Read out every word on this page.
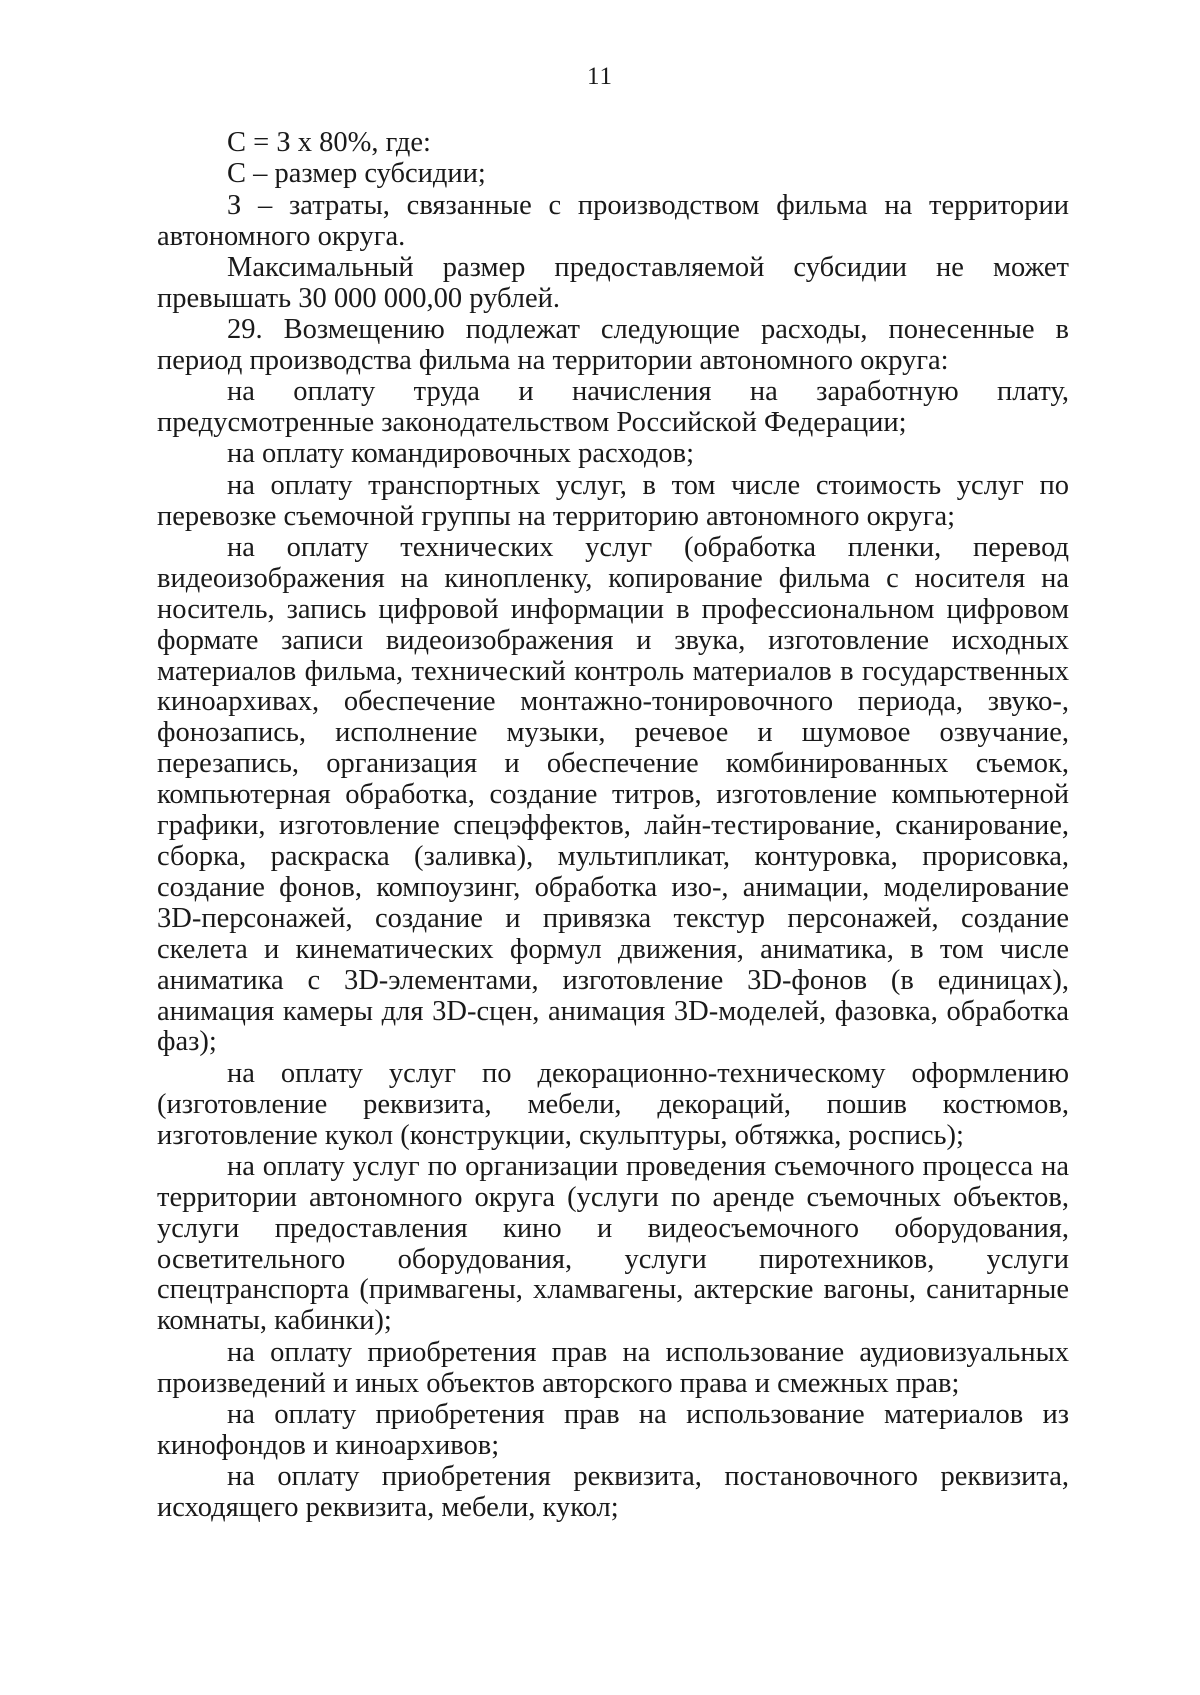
11

С = З х 80%, где:

С – размер субсидии;

З – затраты, связанные с производством фильма на территории автономного округа.

Максимальный размер предоставляемой субсидии не может превышать 30 000 000,00 рублей.

29. Возмещению подлежат следующие расходы, понесенные в период производства фильма на территории автономного округа:

на оплату труда и начисления на заработную плату, предусмотренные законодательством Российской Федерации;

на оплату командировочных расходов;

на оплату транспортных услуг, в том числе стоимость услуг по перевозке съемочной группы на территорию автономного округа;

на оплату технических услуг (обработка пленки, перевод видеоизображения на кинопленку, копирование фильма с носителя на носитель, запись цифровой информации в профессиональном цифровом формате записи видеоизображения и звука, изготовление исходных материалов фильма, технический контроль материалов в государственных киноархивах, обеспечение монтажно-тонировочного периода, звуко-, фонозапись, исполнение музыки, речевое и шумовое озвучание, перезапись, организация и обеспечение комбинированных съемок, компьютерная обработка, создание титров, изготовление компьютерной графики, изготовление спецэффектов, лайн-тестирование, сканирование, сборка, раскраска (заливка), мультипликат, контуровка, прорисовка, создание фонов, компоузинг, обработка изо-, анимации, моделирование 3D-персонажей, создание и привязка текстур персонажей, создание скелета и кинематических формул движения, аниматика, в том числе аниматика с 3D-элементами, изготовление 3D-фонов (в единицах), анимация камеры для 3D-сцен, анимация 3D-моделей, фазовка, обработка фаз);

на оплату услуг по декорационно-техническому оформлению (изготовление реквизита, мебели, декораций, пошив костюмов, изготовление кукол (конструкции, скульптуры, обтяжка, роспись);

на оплату услуг по организации проведения съемочного процесса на территории автономного округа (услуги по аренде съемочных объектов, услуги предоставления кино и видеосъемочного оборудования, осветительного оборудования, услуги пиротехников, услуги спецтранспорта (примвагены, хламвагены, актерские вагоны, санитарные комнаты, кабинки);

на оплату приобретения прав на использование аудиовизуальных произведений и иных объектов авторского права и смежных прав;

на оплату приобретения прав на использование материалов из кинофондов и киноархивов;

на оплату приобретения реквизита, постановочного реквизита, исходящего реквизита, мебели, кукол;
